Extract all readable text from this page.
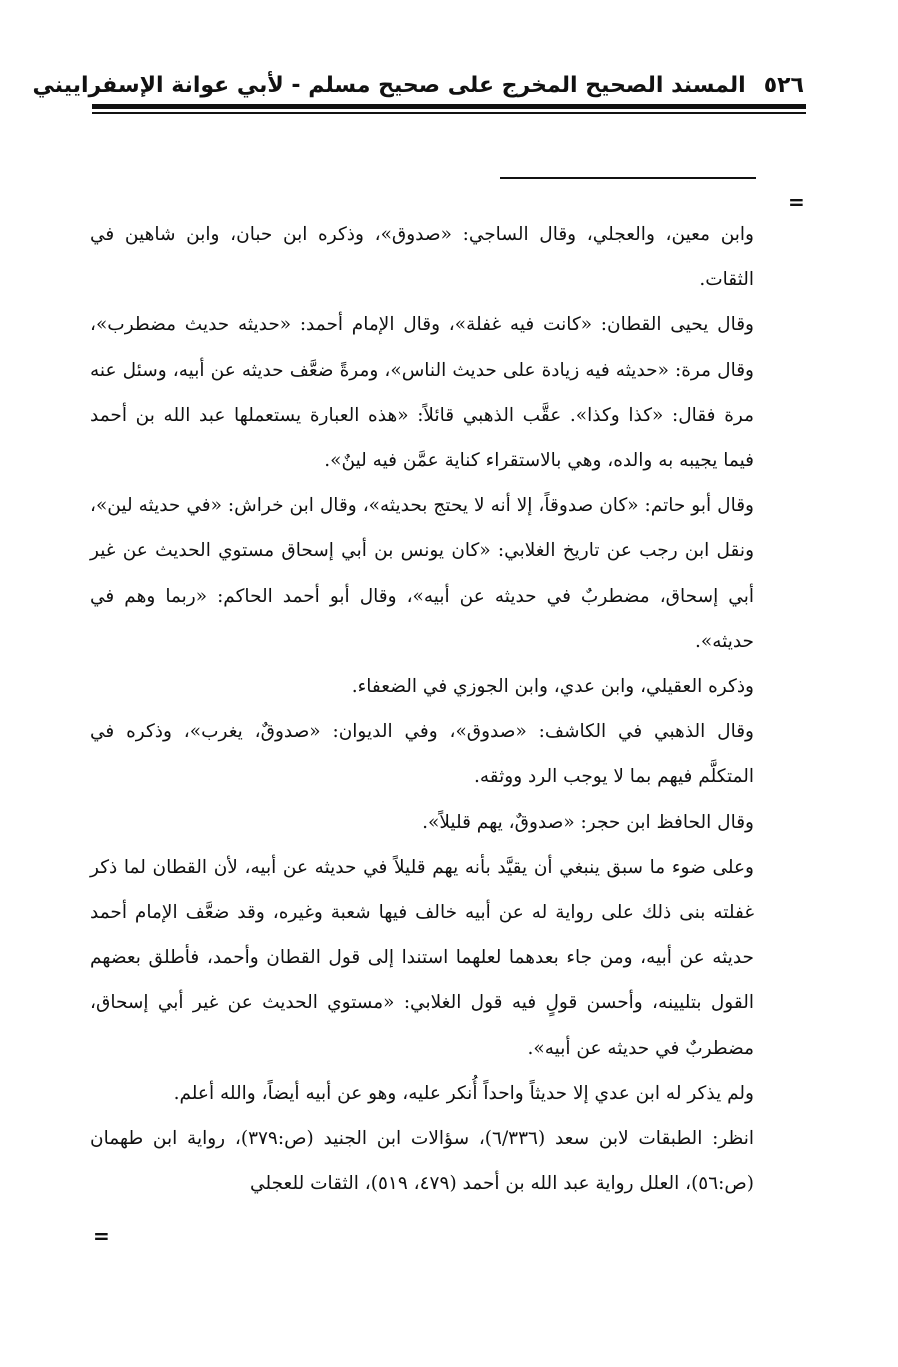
٥٢٦
المسند الصحيح المخرج على صحيح مسلم - لأبي عوانة الإسفراييني
=

وابن معين، والعجلي، وقال الساجي: «صدوق»، وذكره ابن حبان، وابن شاهين في الثقات.

وقال يحيى القطان: «كانت فيه غفلة»، وقال الإمام أحمد: «حديثه حديث مضطرب»، وقال مرة: «حديثه فيه زيادة على حديث الناس»، ومرةً ضعَّف حديثه عن أبيه، وسئل عنه مرة فقال: «كذا وكذا». عقَّب الذهبي قائلاً: «هذه العبارة يستعملها عبد الله بن أحمد فيما يجيبه به والده، وهي بالاستقراء كناية عمَّن فيه لينٌ».

وقال أبو حاتم: «كان صدوقاً، إلا أنه لا يحتج بحديثه»، وقال ابن خراش: «في حديثه لين»، ونقل ابن رجب عن تاريخ الغلابي: «كان يونس بن أبي إسحاق مستوي الحديث عن غير أبي إسحاق، مضطربٌ في حديثه عن أبيه»، وقال أبو أحمد الحاكم: «ربما وهم في حديثه».

وذكره العقيلي، وابن عدي، وابن الجوزي في الضعفاء.

وقال الذهبي في الكاشف: «صدوق»، وفي الديوان: «صدوقٌ، يغرب»، وذكره في المتكلَّم فيهم بما لا يوجب الرد ووثقه.

وقال الحافظ ابن حجر: «صدوقٌ، يهم قليلاً».

وعلى ضوء ما سبق ينبغي أن يقيَّد بأنه يهم قليلاً في حديثه عن أبيه، لأن القطان لما ذكر غفلته بنى ذلك على رواية له عن أبيه خالف فيها شعبة وغيره، وقد ضعَّف الإمام أحمد حديثه عن أبيه، ومن جاء بعدهما لعلهما استندا إلى قول القطان وأحمد، فأطلق بعضهم القول بتليينه، وأحسن قولٍ فيه قول الغلابي: «مستوي الحديث عن غير أبي إسحاق، مضطربٌ في حديثه عن أبيه».

ولم يذكر له ابن عدي إلا حديثاً واحداً أُنكر عليه، وهو عن أبيه أيضاً، والله أعلم.

انظر: الطبقات لابن سعد (٦/٣٣٦)، سؤالات ابن الجنيد (ص:٣٧٩)، رواية ابن طهمان (ص:٥٦)، العلل رواية عبد الله بن أحمد (٤٧٩، ٥١٩)، الثقات للعجلي

=
